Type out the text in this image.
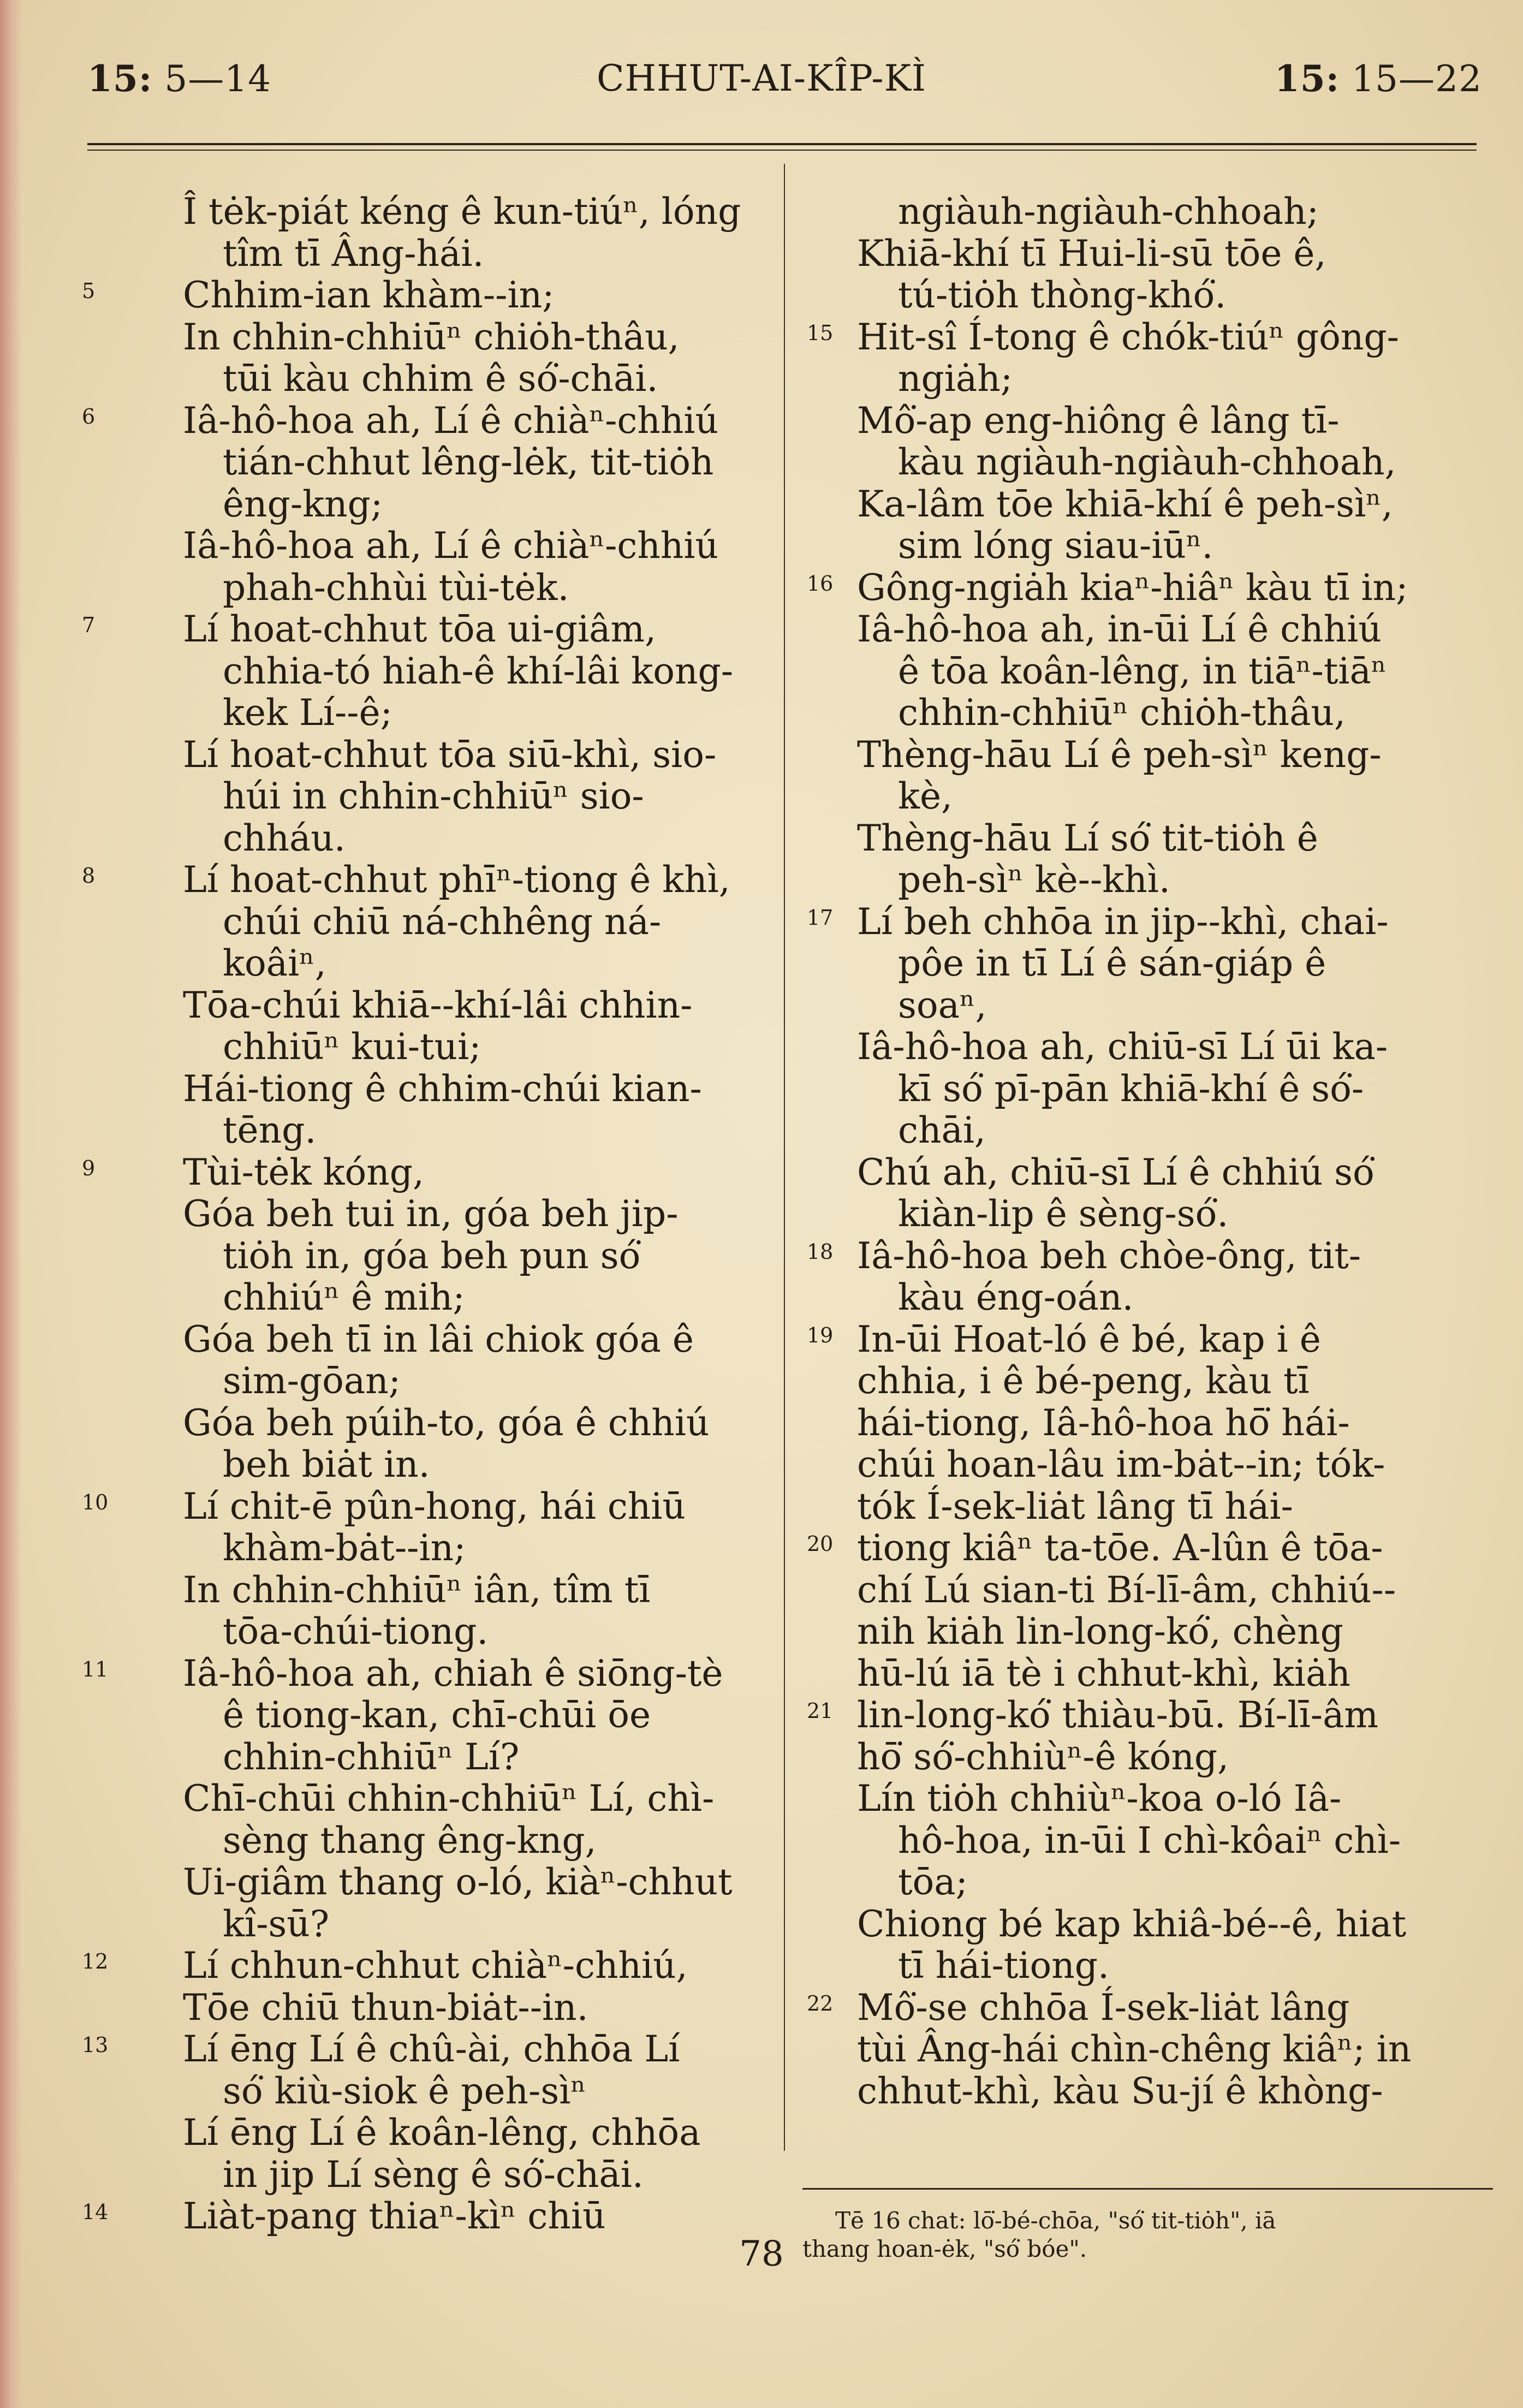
15: 5—14	CHHUT-AI-KÎP-KÌ	15: 15—22
Î tėk-piát kéng ê kun-tiúⁿ, lóng
tîm tī Âng-hái.
5 Chhim-ian khàm--in;
In chhin-chhiūⁿ chiȯh-thâu,
tūi kàu chhim ê só͘-chāi.
6 Iâ-hô-hoa ah, Lí ê chiàⁿ-chhiú
tián-chhut lêng-lėk, tit-tiȯh
êng-kng;
Iâ-hô-hoa ah, Lí ê chiàⁿ-chhiú
phah-chhùi tùi-tėk.
7 Lí hoat-chhut tōa ui-giâm,
chhia-tó hiah-ê khí-lâi kong-
kek Lí--ê;
Lí hoat-chhut tōa siū-khì, sio-
húi in chhin-chhiūⁿ sio-
chháu.
8 Lí hoat-chhut phīⁿ-tiong ê khì,
chúi chiū ná-chhêng ná-
koâiⁿ,
Tōa-chúi khiā--khí-lâi chhin-
chhiūⁿ kui-tui;
Hái-tiong ê chhim-chúi kian-
tēng.
9 Tùi-tėk kóng,
Góa beh tui in, góa beh jip-
tiȯh in, góa beh pun só͘
chhiúⁿ ê mih;
Góa beh tī in lâi chiok góa ê
sim-gōan;
Góa beh púih-to, góa ê chhiú
beh biȧt in.
10 Lí chit-ē pûn-hong, hái chiū
khàm-bȧt--in;
In chhin-chhiūⁿ iân, tîm tī
tōa-chúi-tiong.
11 Iâ-hô-hoa ah, chiah ê siōng-tè
ê tiong-kan, chī-chūi ōe
chhin-chhiūⁿ Lí?
Chī-chūi chhin-chhiūⁿ Lí, chì-
sèng thang êng-kng,
Ui-giâm thang o-ló, kiàⁿ-chhut
kî-sū?
12 Lí chhun-chhut chiàⁿ-chhiú,
Tōe chiū thun-biȧt--in.
13 Lí ēng Lí ê chû-ài, chhōa Lí
só͘ kiù-siok ê peh-sìⁿ
Lí ēng Lí ê koân-lêng, chhōa
in jip Lí sèng ê só͘-chāi.
14 Liàt-pang thiaⁿ-kìⁿ chiū
ngiàuh-ngiàuh-chhoah;
Khiā-khí tī Hui-li-sū tōe ê,
tú-tiȯh thòng-khó͘.
15 Hit-sî Í-tong ê chók-tiúⁿ gông-
ngiȧh;
Mô͘-ap eng-hiông ê lâng tī-
kàu ngiàuh-ngiàuh-chhoah,
Ka-lâm tōe khiā-khí ê peh-sìⁿ,
sim lóng siau-iūⁿ.
16 Gông-ngiȧh kiaⁿ-hiâⁿ kàu tī in;
Iâ-hô-hoa ah, in-ūi Lí ê chhiú
ê tōa koân-lêng, in tiāⁿ-tiāⁿ
chhin-chhiūⁿ chiȯh-thâu,
Thèng-hāu Lí ê peh-sìⁿ keng-
kè,
Thèng-hāu Lí só͘ tit-tiȯh ê
peh-sìⁿ kè--khì.
17 Lí beh chhōa in jip--khì, chai-
pôe in tī Lí ê sán-giáp ê
soaⁿ,
Iâ-hô-hoa ah, chiū-sī Lí ūi ka-
kī só͘ pī-pān khiā-khí ê só͘-
chāi,
Chú ah, chiū-sī Lí ê chhiú só͘
kiàn-lip ê sèng-só͘.
18 Iâ-hô-hoa beh chòe-ông, tit-
kàu éng-oán.
19 In-ūi Hoat-ló ê bé, kap i ê
chhia, i ê bé-peng, kàu tī
hái-tiong, Iâ-hô-hoa hō͘ hái-
chúi hoan-lâu im-bȧt--in; tók-
tók Í-sek-liȧt lâng tī hái-
20 tiong kiâⁿ ta-tōe. A-lûn ê tōa-
chí Lú sian-ti Bí-lī-âm, chhiú--
nih kiȧh lin-long-kó͘, chèng
hū-lú iā tè i chhut-khì, kiȧh
21 lin-long-kó͘ thiàu-bū. Bí-lī-âm
hō͘ só͘-chhiùⁿ-ê kóng,
Lín tiȯh chhiùⁿ-koa o-ló Iâ-
hô-hoa, in-ūi I chì-kôaiⁿ chì-
tōa;
Chiong bé kap khiâ-bé--ê, hiat
tī hái-tiong.
22 Mô͘-se chhōa Í-sek-liȧt lâng
tùi Âng-hái chìn-chêng kiâⁿ; in
chhut-khì, kàu Su-jí ê khòng-
Tē 16 chat: lō͘-bé-chōa, "só͘ tit-tiȯh", iā
thang hoan-ėk, "só͘ bóe".
78
